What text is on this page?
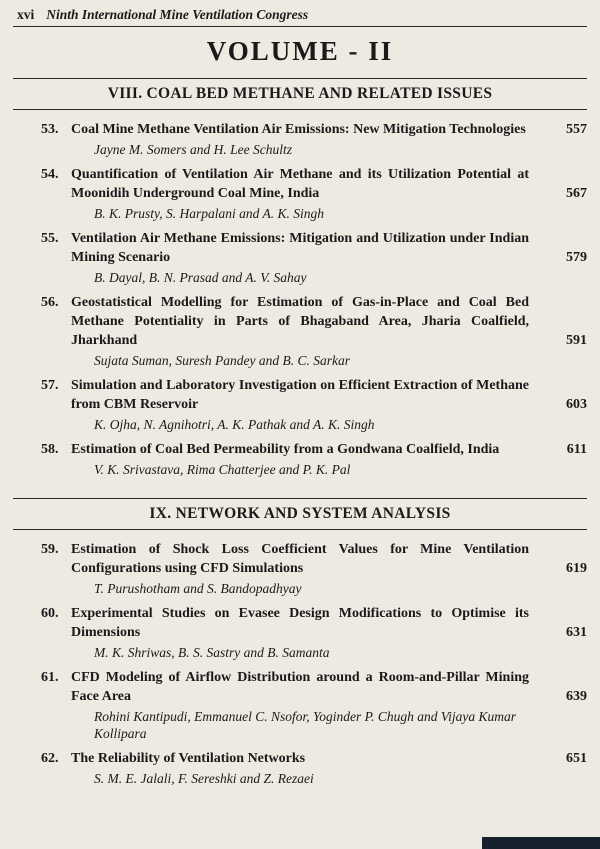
xvi Ninth International Mine Ventilation Congress
VOLUME - II
VIII. COAL BED METHANE AND RELATED ISSUES
53. Coal Mine Methane Ventilation Air Emissions: New Mitigation Technologies	557
Jayne M. Somers and H. Lee Schultz
54. Quantification of Ventilation Air Methane and its Utilization Potential at Moonidih Underground Coal Mine, India	567
B. K. Prusty, S. Harpalani and A. K. Singh
55. Ventilation Air Methane Emissions: Mitigation and Utilization under Indian Mining Scenario	579
B. Dayal, B. N. Prasad and A. V. Sahay
56. Geostatistical Modelling for Estimation of Gas-in-Place and Coal Bed Methane Potentiality in Parts of Bhagaband Area, Jharia Coalfield, Jharkhand	591
Sujata Suman, Suresh Pandey and B. C. Sarkar
57. Simulation and Laboratory Investigation on Efficient Extraction of Methane from CBM Reservoir	603
K. Ojha, N. Agnihotri, A. K. Pathak and A. K. Singh
58. Estimation of Coal Bed Permeability from a Gondwana Coalfield, India	611
V. K. Srivastava, Rima Chatterjee and P. K. Pal
IX. NETWORK AND SYSTEM ANALYSIS
59. Estimation of Shock Loss Coefficient Values for Mine Ventilation Configurations using CFD Simulations	619
T. Purushotham and S. Bandopadhyay
60. Experimental Studies on Evasee Design Modifications to Optimise its Dimensions	631
M. K. Shriwas, B. S. Sastry and B. Samanta
61. CFD Modeling of Airflow Distribution around a Room-and-Pillar Mining Face Area	639
Rohini Kantipudi, Emmanuel C. Nsofor, Yoginder P. Chugh and Vijaya Kumar Kollipara
62. The Reliability of Ventilation Networks	651
S. M. E. Jalali, F. Sereshki and Z. Rezaei
